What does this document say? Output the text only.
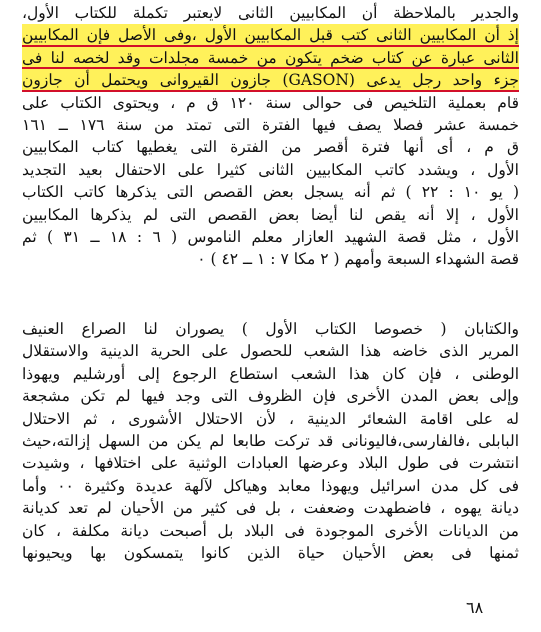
والجدير بالملاحظة أن المكابيين الثانى لايعتبر تكملة للكتاب الأول،
إذ أن المكابيين الثانى كتب قبل المكابيين الأول ،وفى الأصل فإن المكابيين
الثانى عبارة عن كتاب ضخم يتكون من خمسة مجلدات وقد لخصه لنا فى
جزء واحد رجل يدعى (GASON) جازون القيروانى ويحتمل أن جازون
قام بعملية التلخيص فى حوالى سنة ١٢٠ ق م ، ويحتوى الكتاب على
خمسة عشر فصلا يصف فيها الفترة التى تمتد من سنة ١٧٦ ــ ١٦١
ق م ، أى أنها فترة أقصر من الفترة التى يغطيها كتاب المكابيين
الأول ، ويشدد كاتب المكابيين الثانى كثيرا على الاحتفال بعيد التجديد
( يو ١٠ : ٢٢ ) ثم أنه يسجل بعض القصص التى يذكرها كاتب الكتاب
الأول ، إلا أنه يقص لنا أيضا بعض القصص التى لم يذكرها المكابيين
الأول ، مثل قصة الشهيد العازار معلم الناموس ( ٦ : ١٨ ــ ٣١ ) ثم
قصة الشهداء السبعة وأمهم ( ٢ مكا ٧ : ١ ــ ٤٢ ) ٠
والكتابان ( خصوصا الكتاب الأول ) يصوران لنا الصراع العنيف
المرير الذى خاضه هذا الشعب للحصول على الحرية الدينية والاستقلال
الوطنى ، فإن كان هذا الشعب استطاع الرجوع إلى أورشليم ويهوذا
وإلى بعض المدن الأخرى فإن الظروف التى وجد فيها لم تكن مشجعة
له على اقامة الشعائر الدينية ، لأن الاحتلال الأشورى ، ثم الاحتلال
البابلى ،فالفارسى،فاليونانى قد تركت طابعا لم يكن من السهل إزالته،حيث
انتشرت فى طول البلاد وعرضها العبادات الوثنية على اختلافها ، وشيدت
فى كل مدن اسرائيل ويهوذا معابد وهياكل لآلهة عديدة وكثيرة ٠٠ وأما
ديانة يهوه ، فاضطهدت وضعفت ، بل فى كثير من الأحيان لم تعد كديانة
من الديانات الأخرى الموجودة فى البلاد بل أصبحت ديانة مكلفة ، كان
ثمنها فى بعض الأحيان حياة الذين كانوا يتمسكون بها ويحيونها
٦٨
